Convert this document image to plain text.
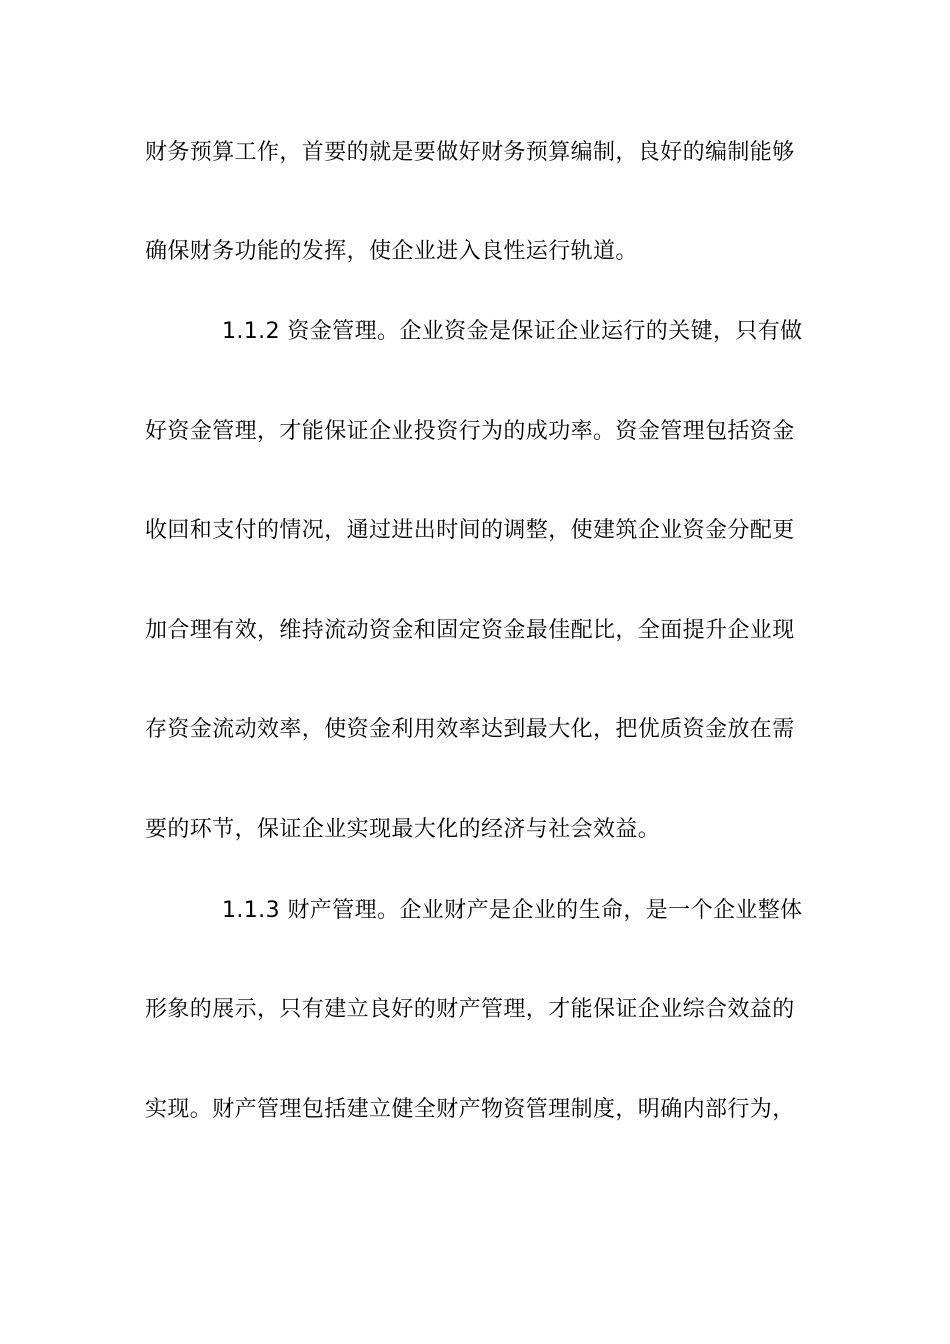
财务预算工作，首要的就是要做好财务预算编制，良好的编制能够
确保财务功能的发挥，使企业进入良性运行轨道。
1.1.2 资金管理。企业资金是保证企业运行的关键，只有做
好资金管理，才能保证企业投资行为的成功率。资金管理包括资金
收回和支付的情况，通过进出时间的调整，使建筑企业资金分配更
加合理有效，维持流动资金和固定资金最佳配比，全面提升企业现
存资金流动效率，使资金利用效率达到最大化，把优质资金放在需
要的环节，保证企业实现最大化的经济与社会效益。
1.1.3 财产管理。企业财产是企业的生命，是一个企业整体
形象的展示，只有建立良好的财产管理，才能保证企业综合效益的
实现。财产管理包括建立健全财产物资管理制度，明确内部行为，
